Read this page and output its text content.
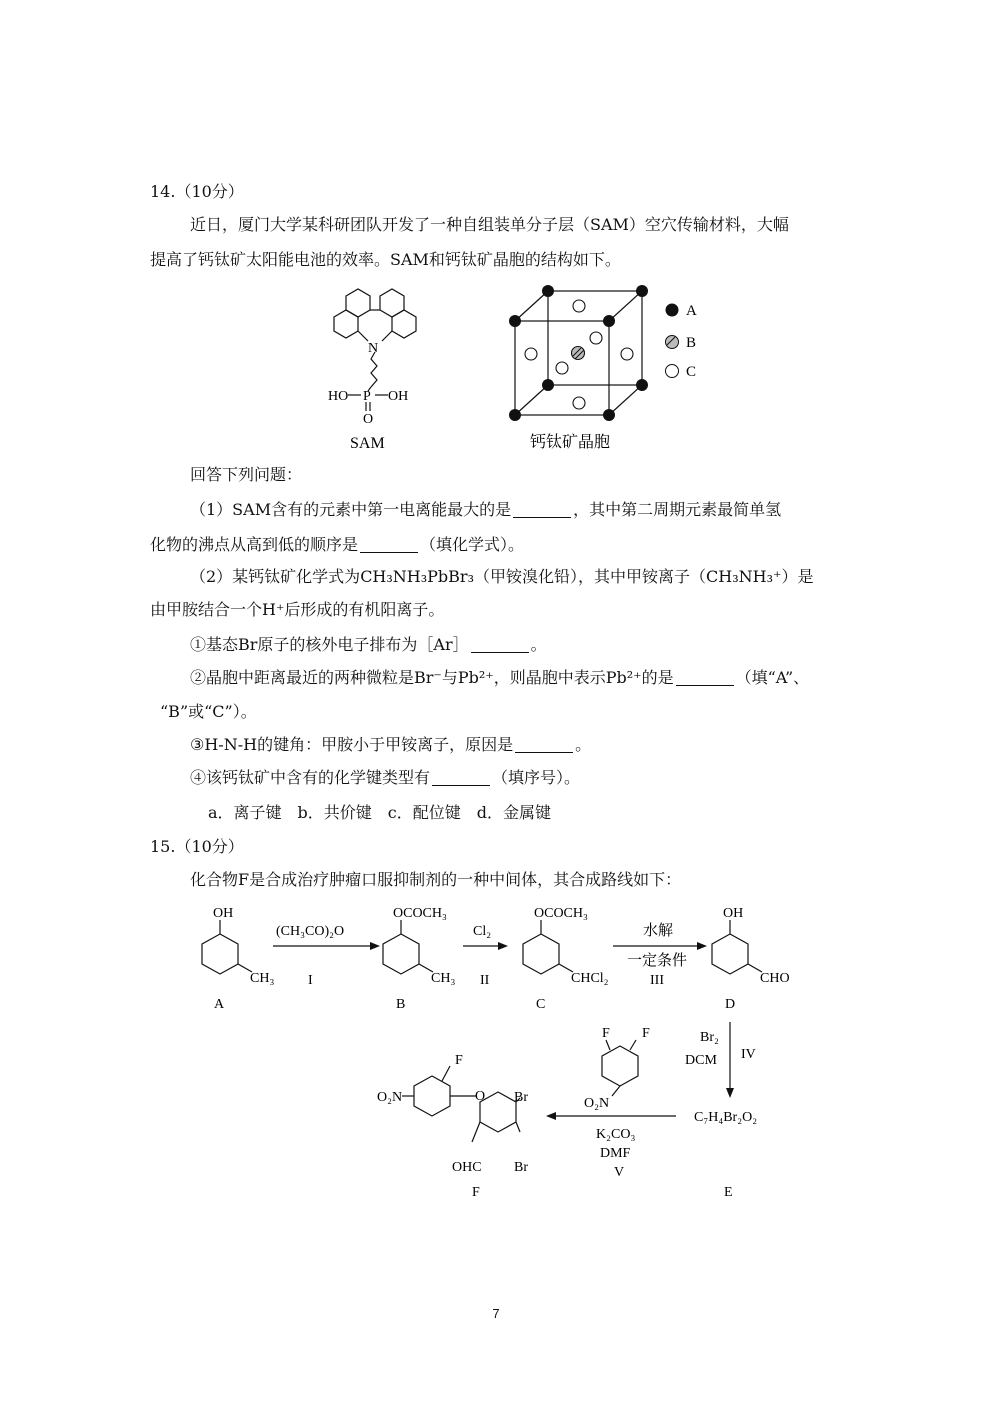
14.（10分）
近日，厦门大学某科研团队开发了一种自组装单分子层（SAM）空穴传输材料，大幅
提高了钙钛矿太阳能电池的效率。SAM和钙钛矿晶胞的结构如下。
N
HO P OH
O
SAM
A
B
C
钙钛矿晶胞
回答下列问题：
（1）SAM含有的元素中第一电离能最大的是	，其中第二周期元素最简单氢
化物的沸点从高到低的顺序是	（填化学式）。
（2）某钙钛矿化学式为CH₃NH₃PbBr₃（甲铵溴化铅），其中甲铵离子（CH₃NH₃⁺）是
由甲胺结合一个H⁺后形成的有机阳离子。
①基态Br原子的核外电子排布为［Ar］	。
②晶胞中距离最近的两种微粒是Br⁻与Pb²⁺，则晶胞中表示Pb²⁺的是	（填“A”、
“B”或“C”）。
③H-N-H的键角：甲胺小于甲铵离子，原因是	。
④该钙钛矿中含有的化学键类型有	（填序号）。
a．离子键　b．共价键　c．配位键　d．金属键
15.（10分）
化合物F是合成治疗肿瘤口服抑制剂的一种中间体，其合成路线如下：
OH
CH₃
A
(CH₃CO)₂O
I
OCOCH₃
CH₃
B
Cl₂
II
OCOCH₃
CHCl₂
C
水解
一定条件
III
OH
CHO
D
Br₂
DCM IV
C₇H₄Br₂O₂
E
F F
O₂N
K₂CO₃
DMF
V
O₂N
F
O Br
Br
OHC
F
7
